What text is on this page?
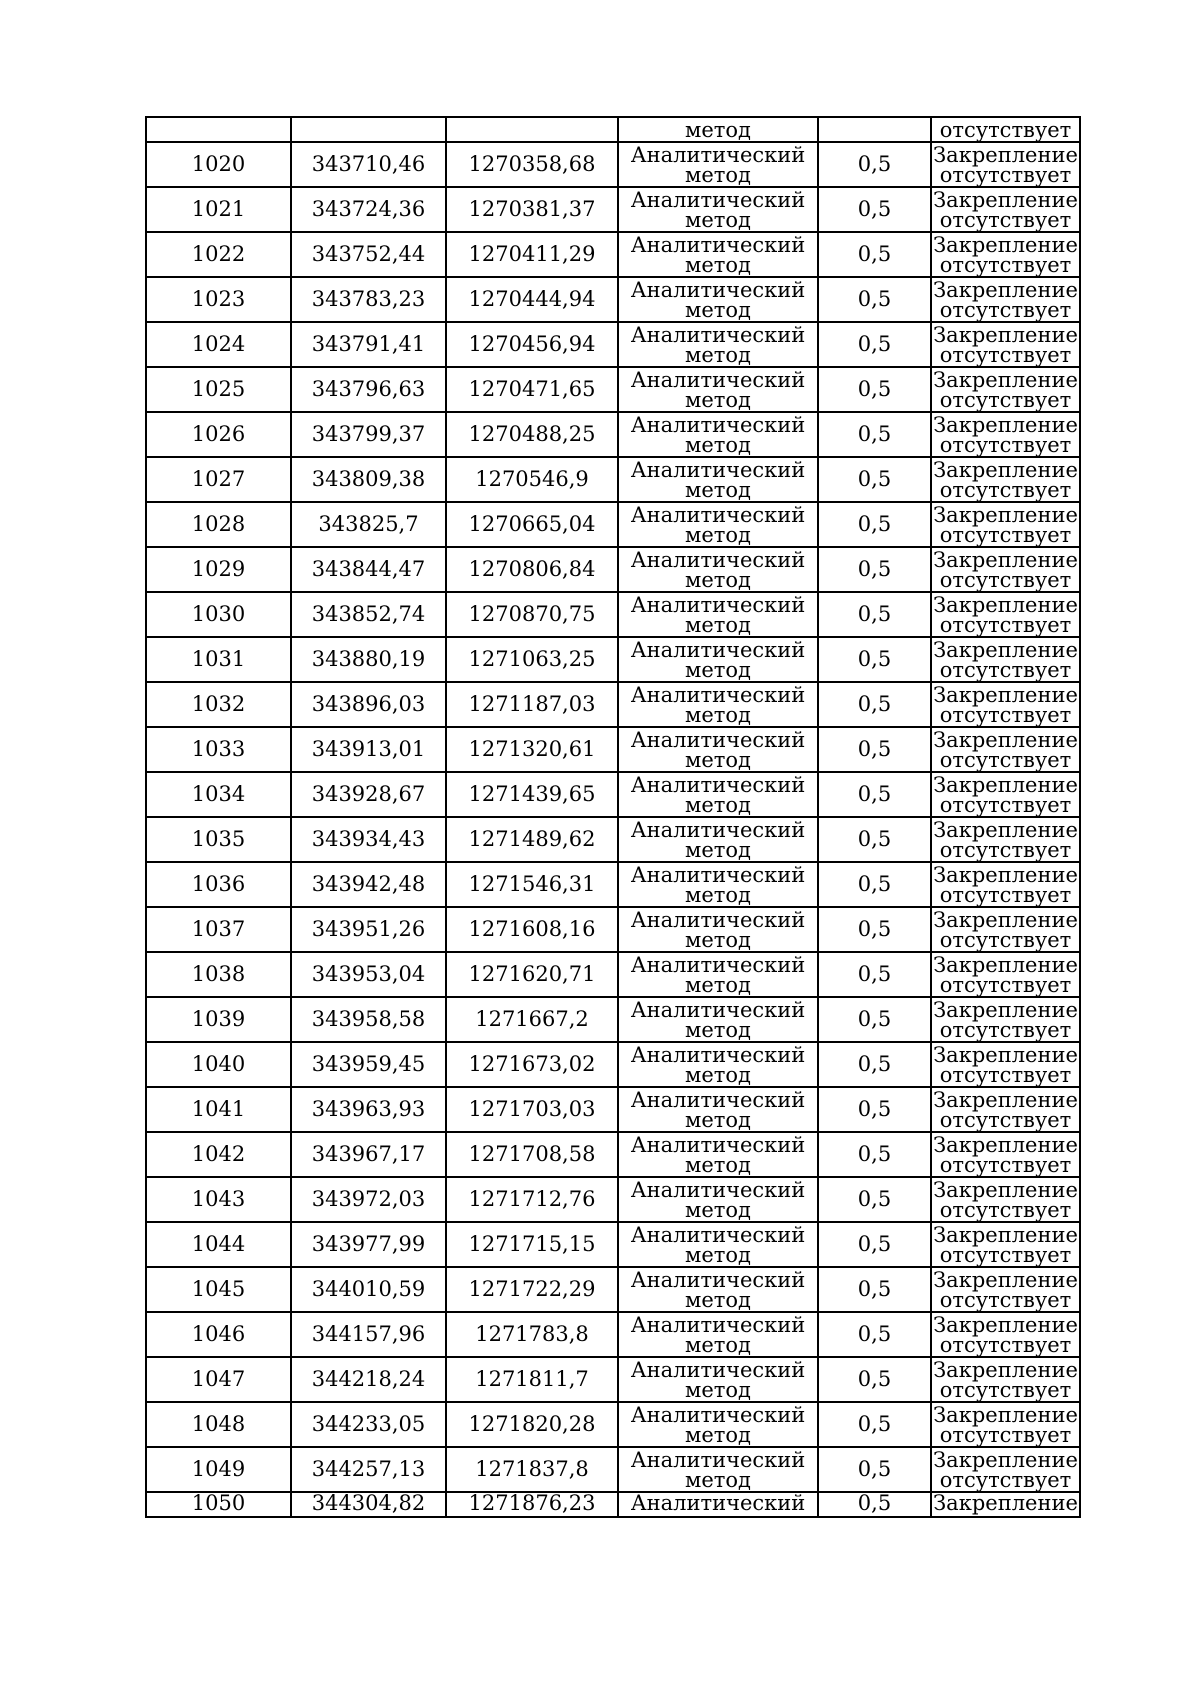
			метод		отсутствует
1020	343710,46	1270358,68	Аналитический метод	0,5	Закрепление отсутствует

1021	343724,36	1270381,37	Аналитический метод	0,5	Закрепление отсутствует

1022	343752,44	1270411,29	Аналитический метод	0,5	Закрепление отсутствует

1023	343783,23	1270444,94	Аналитический метод	0,5	Закрепление отсутствует

1024	343791,41	1270456,94	Аналитический метод	0,5	Закрепление отсутствует

1025	343796,63	1270471,65	Аналитический метод	0,5	Закрепление отсутствует

1026	343799,37	1270488,25	Аналитический метод	0,5	Закрепление отсутствует

1027	343809,38	1270546,9	Аналитический метод	0,5	Закрепление отсутствует

1028	343825,7	1270665,04	Аналитический метод	0,5	Закрепление отсутствует

1029	343844,47	1270806,84	Аналитический метод	0,5	Закрепление отсутствует

1030	343852,74	1270870,75	Аналитический метод	0,5	Закрепление отсутствует

1031	343880,19	1271063,25	Аналитический метод	0,5	Закрепление отсутствует

1032	343896,03	1271187,03	Аналитический метод	0,5	Закрепление отсутствует

1033	343913,01	1271320,61	Аналитический метод	0,5	Закрепление отсутствует

1034	343928,67	1271439,65	Аналитический метод	0,5	Закрепление отсутствует

1035	343934,43	1271489,62	Аналитический метод	0,5	Закрепление отсутствует

1036	343942,48	1271546,31	Аналитический метод	0,5	Закрепление отсутствует

1037	343951,26	1271608,16	Аналитический метод	0,5	Закрепление отсутствует

1038	343953,04	1271620,71	Аналитический метод	0,5	Закрепление отсутствует

1039	343958,58	1271667,2	Аналитический метод	0,5	Закрепление отсутствует

1040	343959,45	1271673,02	Аналитический метод	0,5	Закрепление отсутствует

1041	343963,93	1271703,03	Аналитический метод	0,5	Закрепление отсутствует

1042	343967,17	1271708,58	Аналитический метод	0,5	Закрепление отсутствует

1043	343972,03	1271712,76	Аналитический метод	0,5	Закрепление отсутствует

1044	343977,99	1271715,15	Аналитический метод	0,5	Закрепление отсутствует

1045	344010,59	1271722,29	Аналитический метод	0,5	Закрепление отсутствует

1046	344157,96	1271783,8	Аналитический метод	0,5	Закрепление отсутствует

1047	344218,24	1271811,7	Аналитический метод	0,5	Закрепление отсутствует

1048	344233,05	1271820,28	Аналитический метод	0,5	Закрепление отсутствует

1049	344257,13	1271837,8	Аналитический метод	0,5	Закрепление отсутствует

1050	344304,82	1271876,23	Аналитический	0,5	Закрепление
